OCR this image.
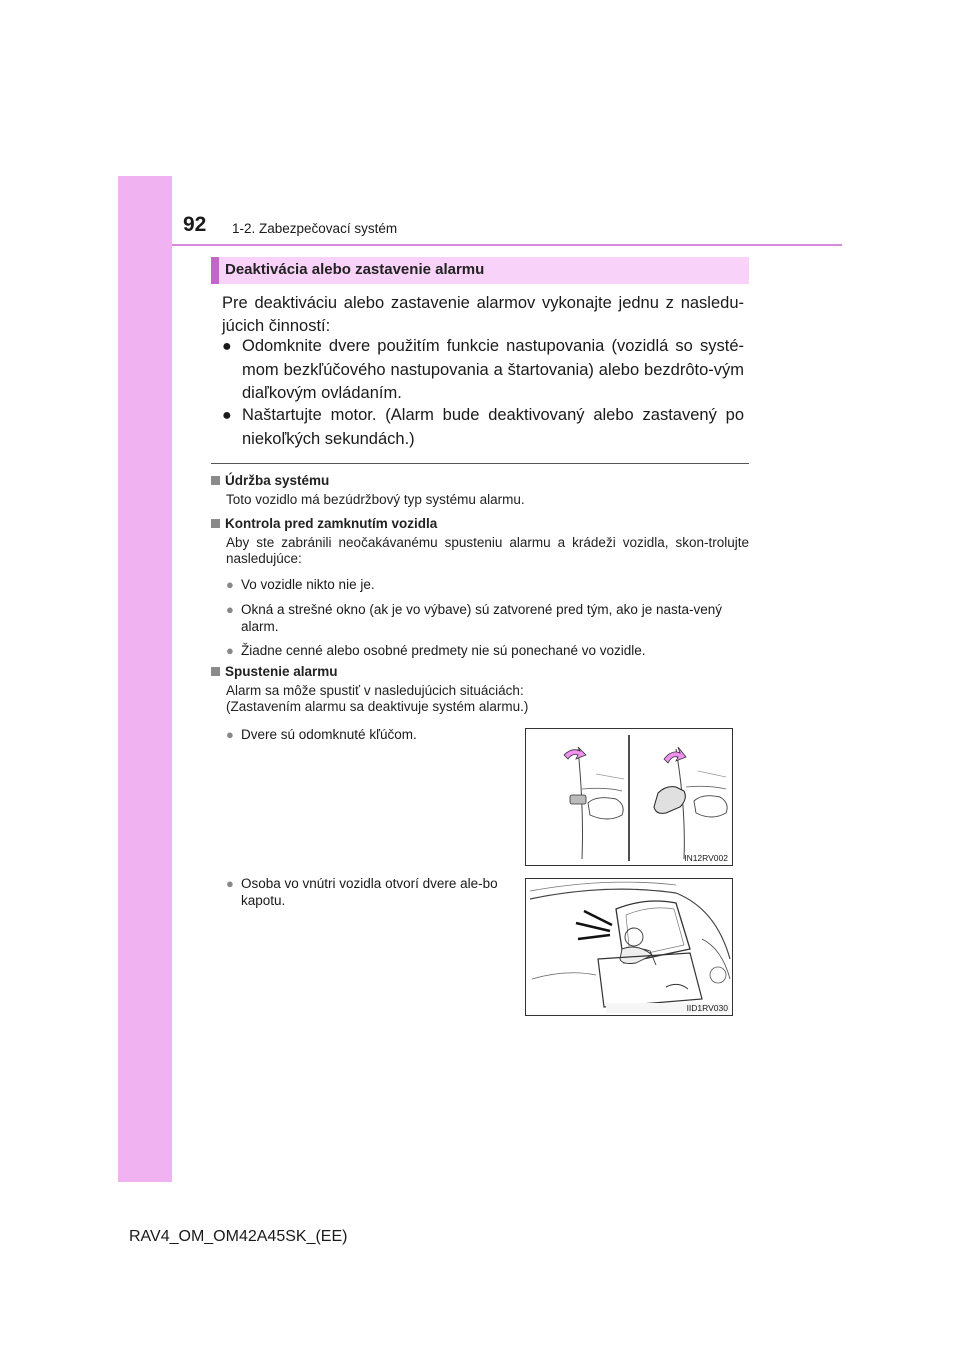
92 1-2. Zabezpečovací systém
Deaktivácia alebo zastavenie alarmu
Pre deaktiváciu alebo zastavenie alarmov vykonajte jednu z nasledu-júcich činností:
● Odomknite dvere použitím funkcie nastupovania (vozidlá so systé-mom bezkľúčového nastupovania a štartovania) alebo bezdrôto-vým diaľkovým ovládaním.
● Naštartujte motor. (Alarm bude deaktivovaný alebo zastavený po niekoľkých sekundách.)
Údržba systému
Toto vozidlo má bezúdržbový typ systému alarmu.
Kontrola pred zamknutím vozidla
Aby ste zabránili neočakávanému spusteniu alarmu a krádeži vozidla, skon-trolujte nasledujúce:
● Vo vozidle nikto nie je.
● Okná a strešné okno (ak je vo výbave) sú zatvorené pred tým, ako je nasta-vený alarm.
● Žiadne cenné alebo osobné predmety nie sú ponechané vo vozidle.
Spustenie alarmu
Alarm sa môže spustiť v nasledujúcich situáciách:
(Zastavením alarmu sa deaktivuje systém alarmu.)
● Dvere sú odomknuté kľúčom.
IN12RV002
● Osoba vo vnútri vozidla otvorí dvere ale-bo kapotu.
IID1RV030
RAV4_OM_OM42A45SK_(EE)
